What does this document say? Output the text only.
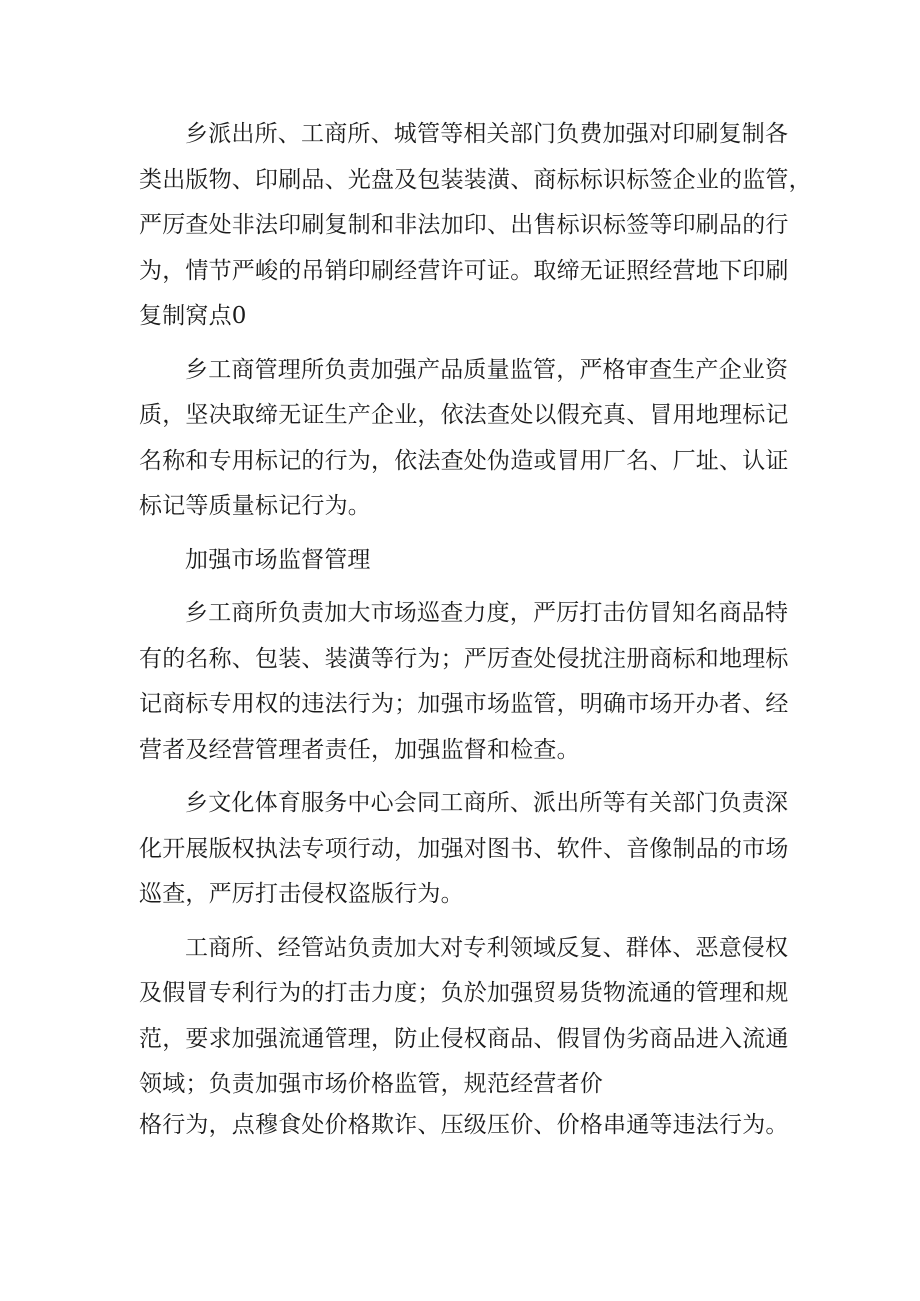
乡派出所、工商所、城管等相关部门负费加强对印刷复制各
类出版物、印刷品、光盘及包装装潢、商标标识标签企业的监管，
严厉查处非法印刷复制和非法加印、出售标识标签等印刷品的行
为，情节严峻的吊销印刷经营许可证。取缔无证照经营地下印刷
复制窝点0
乡工商管理所负责加强产品质量监管，严格审查生产企业资
质，坚决取缔无证生产企业，依法查处以假充真、冒用地理标记
名称和专用标记的行为，依法查处伪造或冒用厂名、厂址、认证
标记等质量标记行为。
加强市场监督管理
乡工商所负责加大市场巡查力度，严厉打击仿冒知名商品特
有的名称、包装、装潢等行为；严厉查处侵扰注册商标和地理标
记商标专用权的违法行为；加强市场监管，明确市场开办者、经
营者及经营管理者责任，加强监督和检查。
乡文化体育服务中心会同工商所、派出所等有关部门负责深
化开展版权执法专项行动，加强对图书、软件、音像制品的市场
巡查，严厉打击侵权盗版行为。
工商所、经管站负责加大对专利领域反复、群体、恶意侵权
及假冒专利行为的打击力度；负於加强贸易货物流通的管理和规
范，要求加强流通管理，防止侵权商品、假冒伪劣商品进入流通
领域；负责加强市场价格监管，规范经营者价
格行为，点穆食处价格欺诈、压级压价、价格串通等违法行为。
